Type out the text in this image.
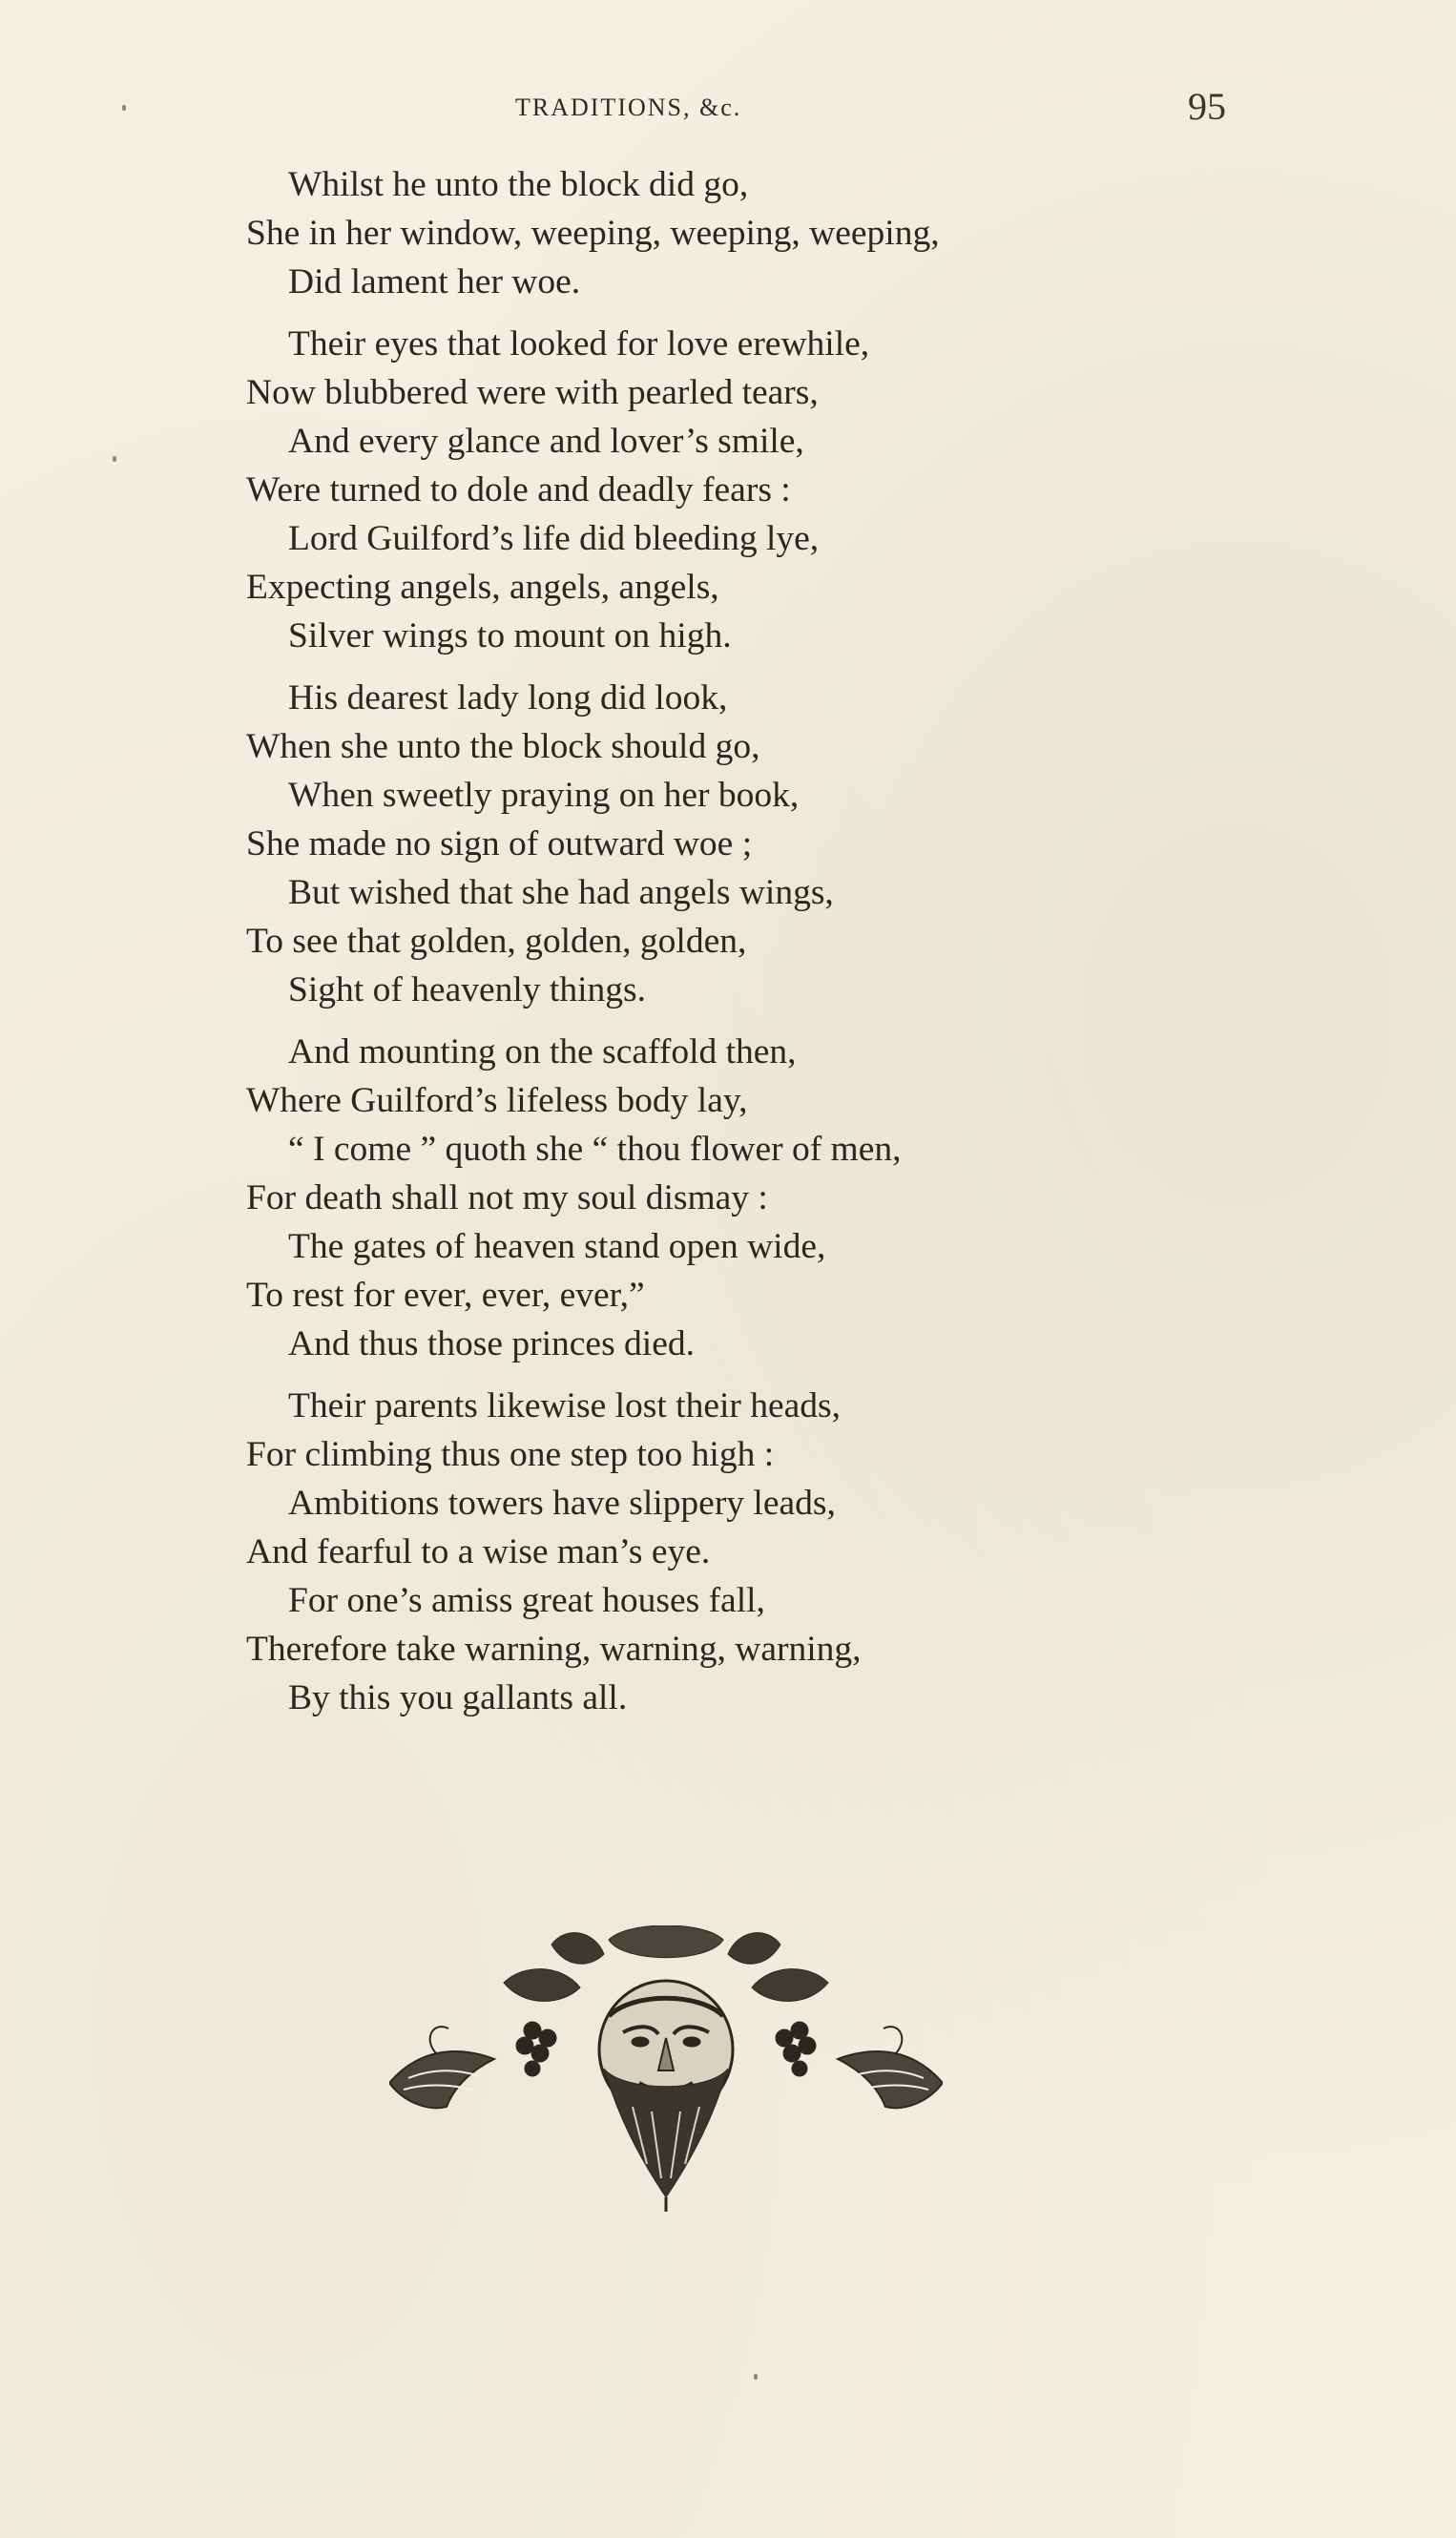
TRADITIONS, &c.	95
Whilst he unto the block did go,
She in her window, weeping, weeping, weeping,
Did lament her woe.
Their eyes that looked for love erewhile,
Now blubbered were with pearled tears,
And every glance and lover’s smile,
Were turned to dole and deadly fears :
Lord Guilford’s life did bleeding lye,
Expecting angels, angels, angels,
Silver wings to mount on high.
His dearest lady long did look,
When she unto the block should go,
When sweetly praying on her book,
She made no sign of outward woe ;
But wished that she had angels wings,
To see that golden, golden, golden,
Sight of heavenly things.
And mounting on the scaffold then,
Where Guilford’s lifeless body lay,
“ I come ” quoth she “ thou flower of men,
For death shall not my soul dismay :
The gates of heaven stand open wide,
To rest for ever, ever, ever,”
And thus those princes died.
Their parents likewise lost their heads,
For climbing thus one step too high :
Ambitions towers have slippery leads,
And fearful to a wise man’s eye.
For one’s amiss great houses fall,
Therefore take warning, warning, warning,
By this you gallants all.
